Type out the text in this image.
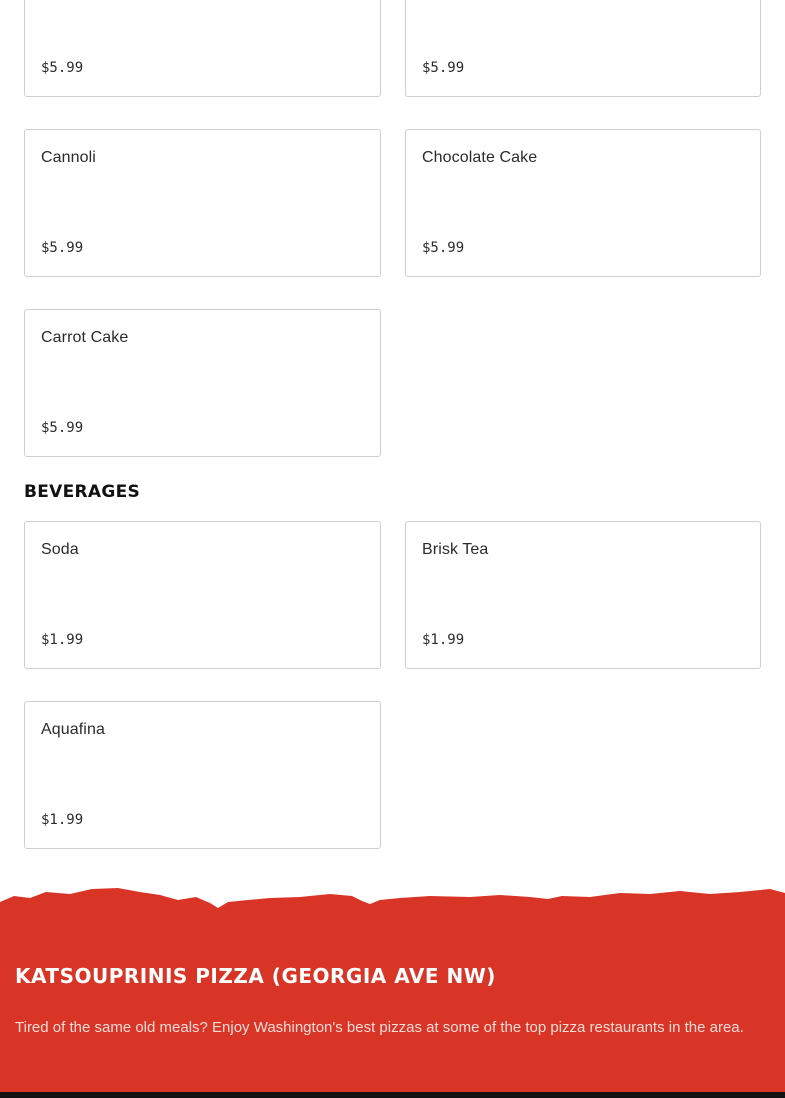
$5.99	$5.99
Cannoli
$5.99
Chocolate Cake
$5.99
Carrot Cake
$5.99
BEVERAGES
Soda
$1.99
Brisk Tea
$1.99
Aquafina
$1.99
KATSOUPRINIS PIZZA (GEORGIA AVE NW)

Tired of the same old meals? Enjoy Washington's best pizzas at some of the top pizza restaurants in the area.
